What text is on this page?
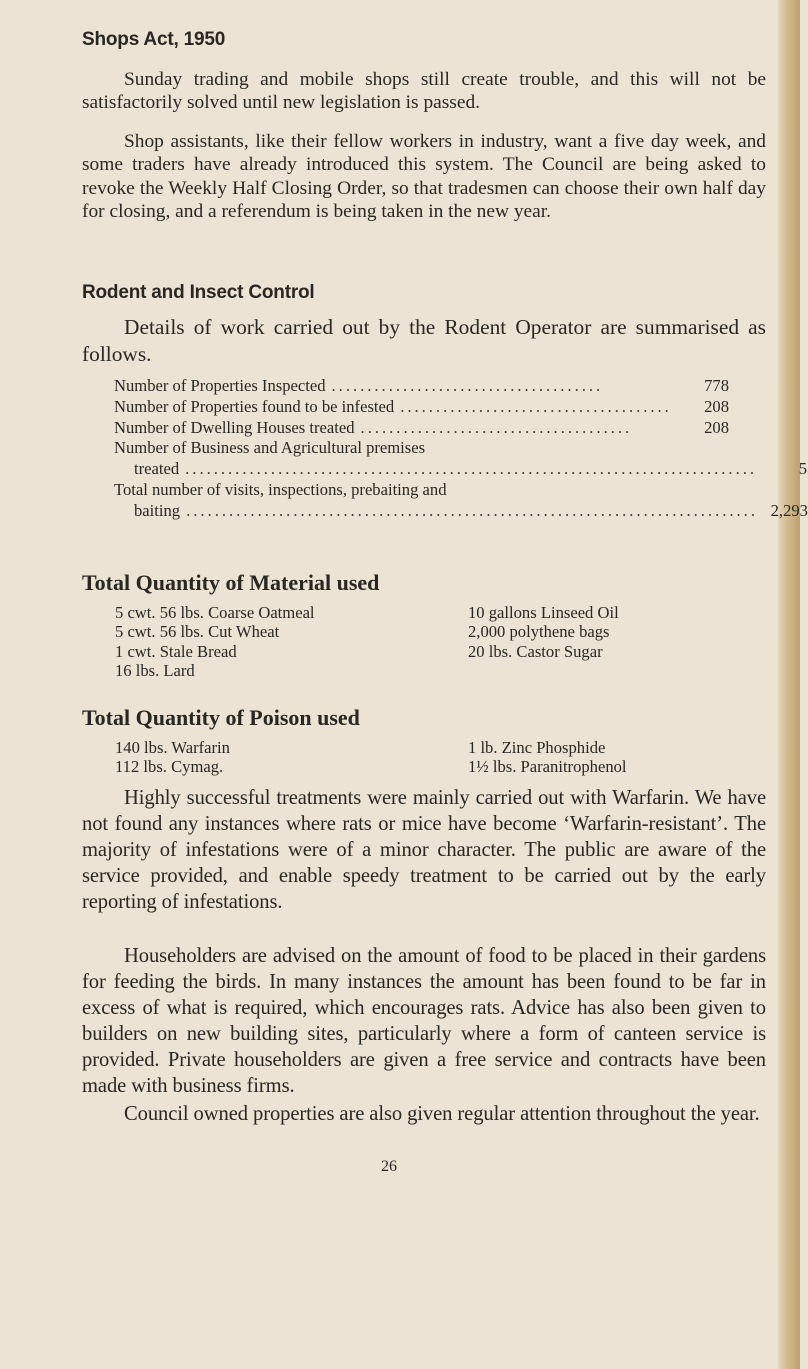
Shops Act, 1950

Sunday trading and mobile shops still create trouble, and this will not be satisfactorily solved until new legislation is passed.

Shop assistants, like their fellow workers in industry, want a five day week, and some traders have already introduced this system. The Council are being asked to revoke the Weekly Half Closing Order, so that tradesmen can choose their own half day for closing, and a referendum is being taken in the new year.

Rodent and Insect Control

Details of work carried out by the Rodent Operator are summarised as follows.

Number of Properties Inspected ......................................	778
Number of Properties found to be infested ......................................	208
Number of Dwelling Houses treated ......................................	208
Number of Business and Agricultural premises
treated ................................................................................	5
Total number of visits, inspections, prebaiting and
baiting ................................................................................ 2,293
Total Quantity of Material used
5 cwt. 56 lbs. Coarse Oatmeal
5 cwt. 56 lbs. Cut Wheat
1 cwt. Stale Bread
16 lbs. Lard
10 gallons Linseed Oil
2,000 polythene bags
20 lbs. Castor Sugar
Total Quantity of Poison used
140 lbs. Warfarin
112 lbs. Cymag.
1 lb. Zinc Phosphide
1½ lbs. Paranitrophenol

Highly successful treatments were mainly carried out with Warfarin. We have not found any instances where rats or mice have become ‘Warfarin-resistant’. The majority of infestations were of a minor character. The public are aware of the service provided, and enable speedy treatment to be carried out by the early reporting of infestations.

Householders are advised on the amount of food to be placed in their gardens for feeding the birds. In many instances the amount has been found to be far in excess of what is required, which encourages rats. Advice has also been given to builders on new building sites, particularly where a form of canteen service is provided. Private householders are given a free service and contracts have been made with business firms.

Council owned properties are also given regular attention throughout the year.

26
